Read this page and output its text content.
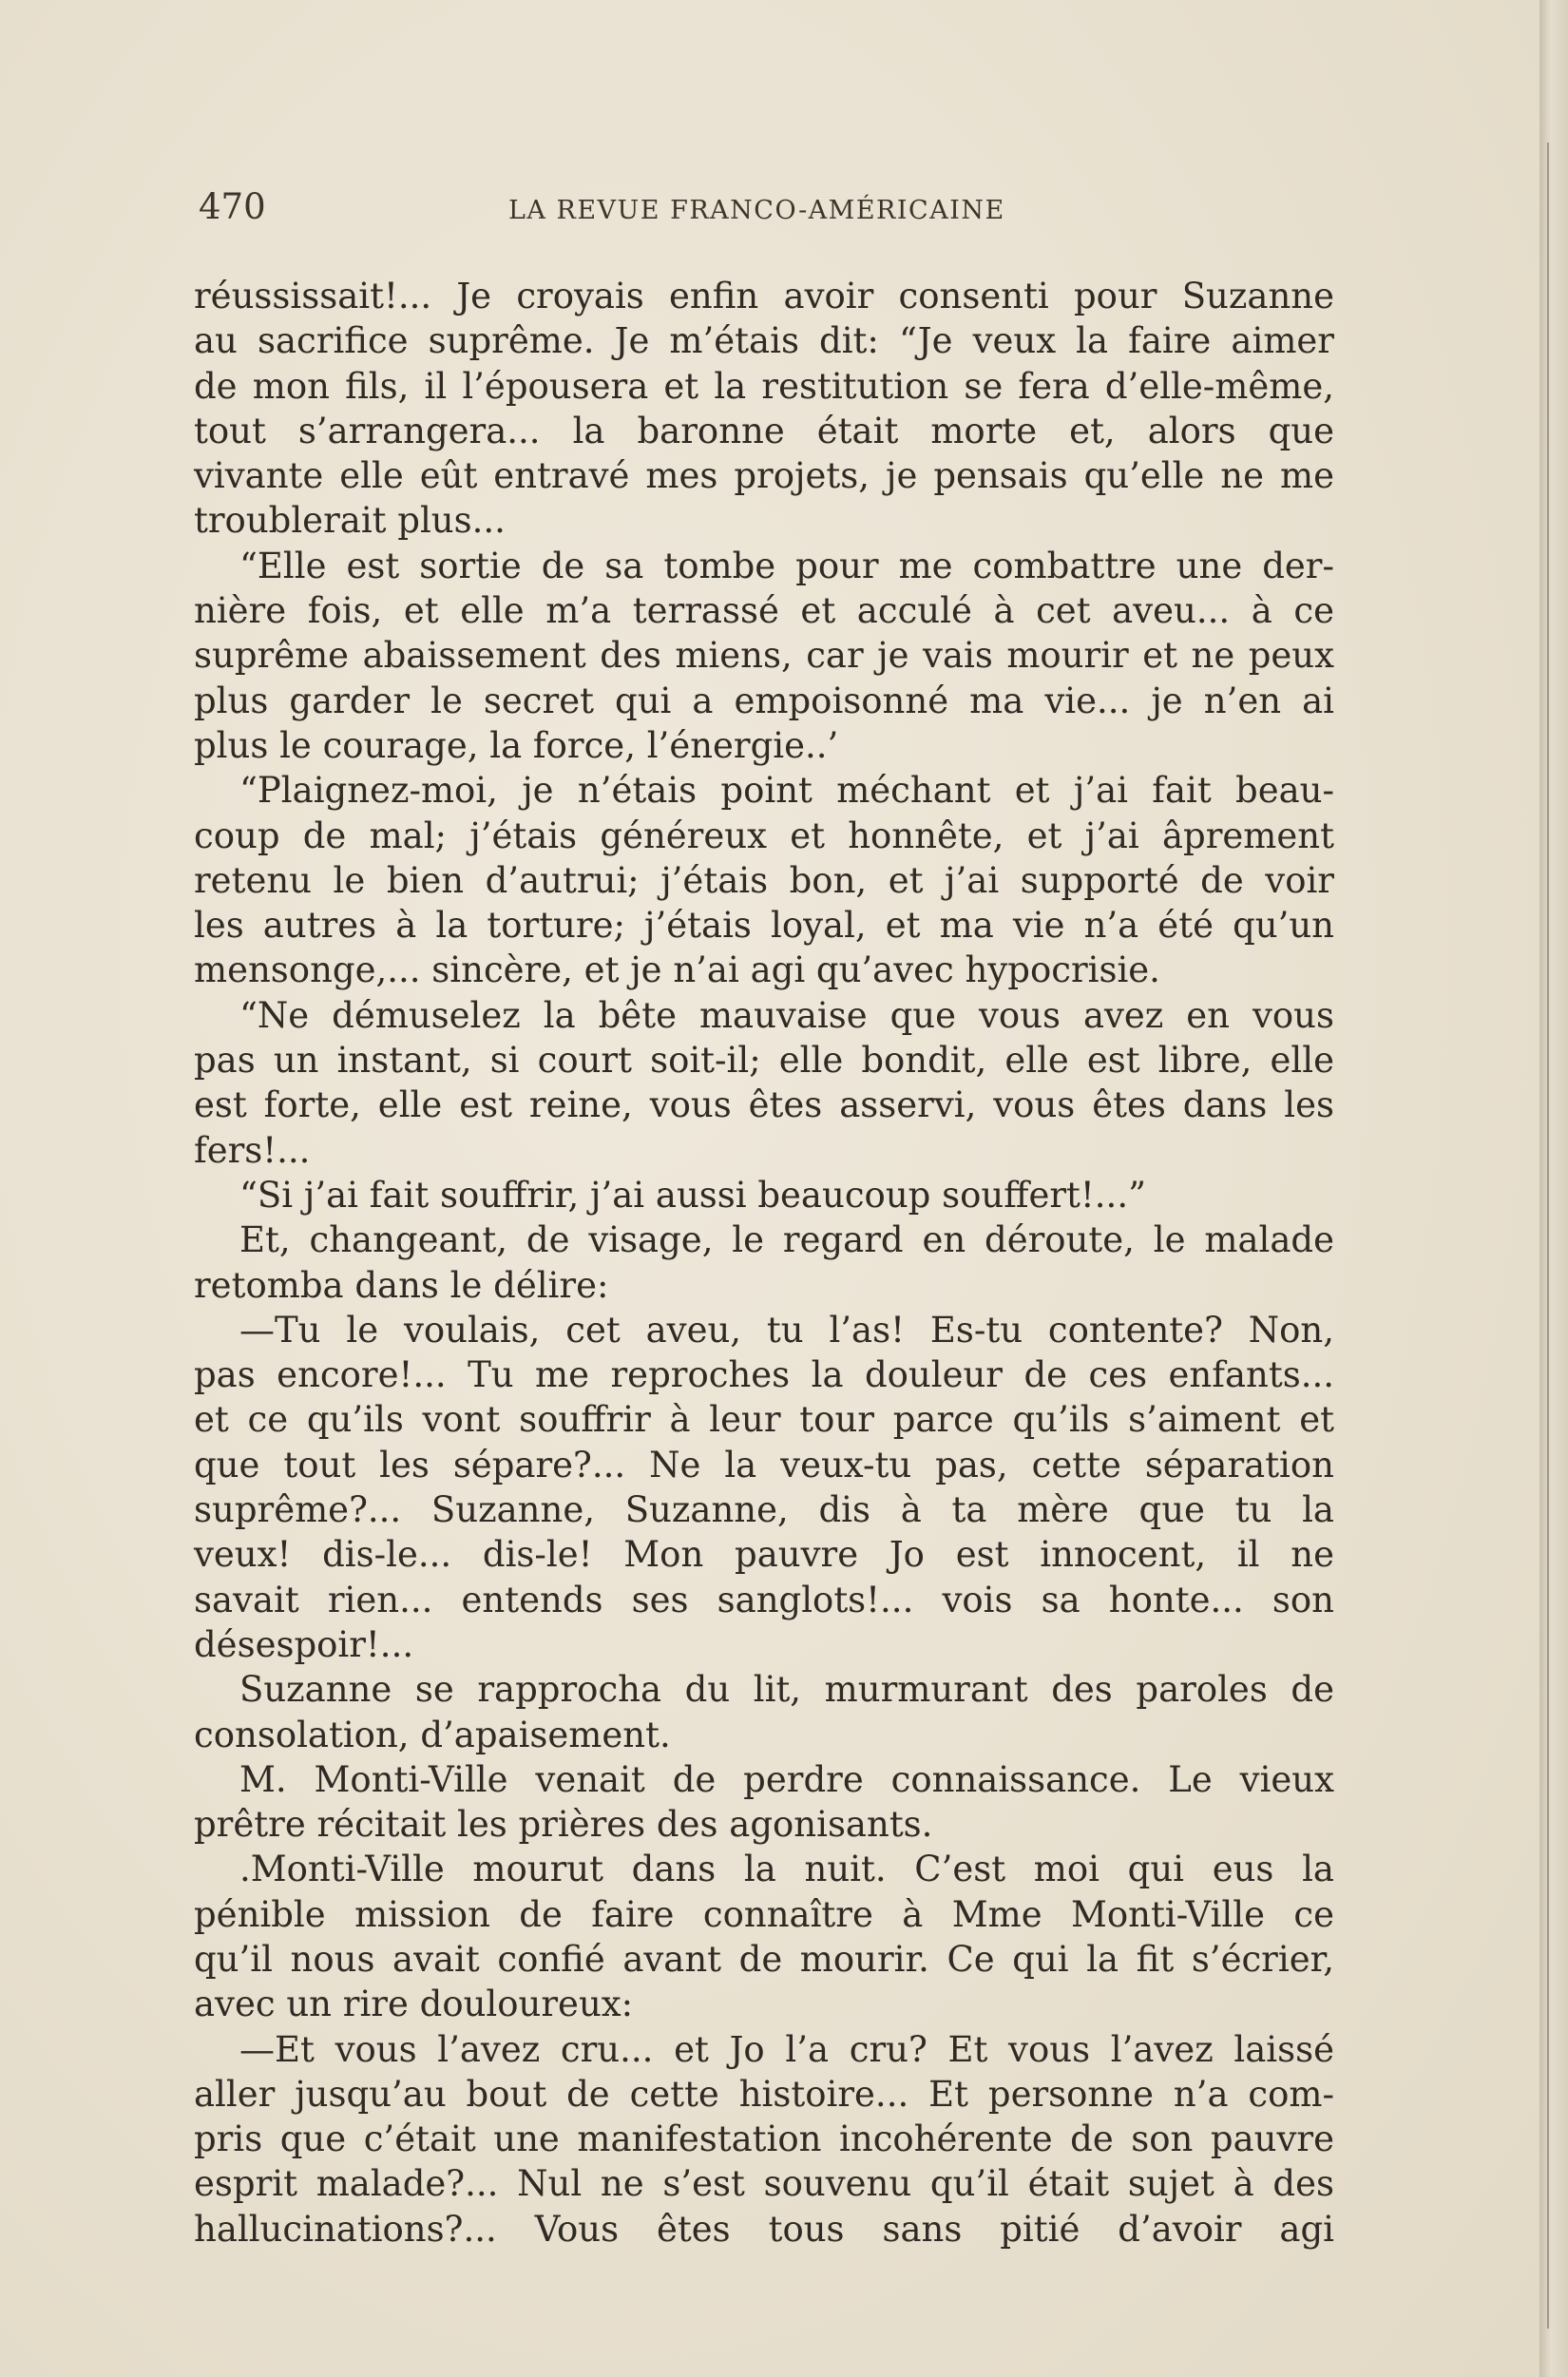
470	LA REVUE FRANCO-AMÉRICAINE
réussissait!... Je croyais enfin avoir consenti pour Suzanne
au sacrifice suprême. Je m’étais dit: “Je veux la faire aimer
de mon fils, il l’épousera et la restitution se fera d’elle-même,
tout s’arrangera... la baronne était morte et, alors que
vivante elle eût entravé mes projets, je pensais qu’elle ne me
troublerait plus...
“Elle est sortie de sa tombe pour me combattre une der-
nière fois, et elle m’a terrassé et acculé à cet aveu... à ce
suprême abaissement des miens, car je vais mourir et ne peux
plus garder le secret qui a empoisonné ma vie... je n’en ai
plus le courage, la force, l’énergie..’
“Plaignez-moi, je n’étais point méchant et j’ai fait beau-
coup de mal; j’étais généreux et honnête, et j’ai âprement
retenu le bien d’autrui; j’étais bon, et j’ai supporté de voir
les autres à la torture; j’étais loyal, et ma vie n’a été qu’un
mensonge,... sincère, et je n’ai agi qu’avec hypocrisie.
“Ne démuselez la bête mauvaise que vous avez en vous
pas un instant, si court soit-il; elle bondit, elle est libre, elle
est forte, elle est reine, vous êtes asservi, vous êtes dans les
fers!...
“Si j’ai fait souffrir, j’ai aussi beaucoup souffert!...”
Et, changeant, de visage, le regard en déroute, le malade
retomba dans le délire:
—Tu le voulais, cet aveu, tu l’as! Es-tu contente? Non,
pas encore!... Tu me reproches la douleur de ces enfants...
et ce qu’ils vont souffrir à leur tour parce qu’ils s’aiment et
que tout les sépare?... Ne la veux-tu pas, cette séparation
suprême?... Suzanne, Suzanne, dis à ta mère que tu la
veux! dis-le... dis-le! Mon pauvre Jo est innocent, il ne
savait rien... entends ses sanglots!... vois sa honte... son
désespoir!...
Suzanne se rapprocha du lit, murmurant des paroles de
consolation, d’apaisement.
M. Monti-Ville venait de perdre connaissance. Le vieux
prêtre récitait les prières des agonisants.
.Monti-Ville mourut dans la nuit. C’est moi qui eus la
pénible mission de faire connaître à Mme Monti-Ville ce
qu’il nous avait confié avant de mourir. Ce qui la fit s’écrier,
avec un rire douloureux:
—Et vous l’avez cru... et Jo l’a cru? Et vous l’avez laissé
aller jusqu’au bout de cette histoire... Et personne n’a com-
pris que c’était une manifestation incohérente de son pauvre
esprit malade?... Nul ne s’est souvenu qu’il était sujet à des
hallucinations?... Vous êtes tous sans pitié d’avoir agi
